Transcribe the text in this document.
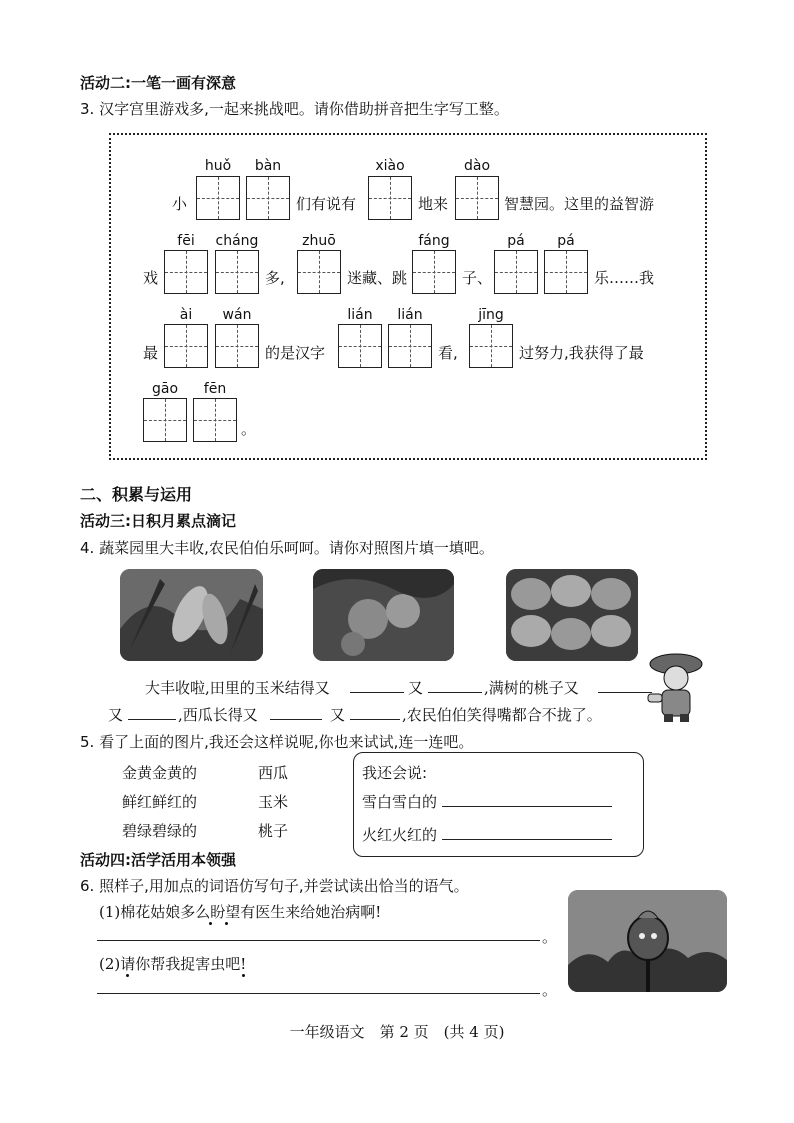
活动二:一笔一画有深意
3. 汉字宫里游戏多,一起来挑战吧。请你借助拼音把生字写工整。
小
huǒ	bàn
们有说有
xiào
地来
dào
智慧园。这里的益智游
戏
fēi	cháng
多,
zhuō
迷藏、跳
fáng
子、
pá	pá
乐……我
最
ài	wán
的是汉字
lián	lián
看,
jīng
过努力,我获得了最
gāo	fēn
。
二、积累与运用
活动三:日积月累点滴记
4. 蔬菜园里大丰收,农民伯伯乐呵呵。请你对照图片填一填吧。
大丰收啦,田里的玉米结得又	又	,满树的桃子又
又	,西瓜长得又	又	,农民伯伯笑得嘴都合不拢了。
5. 看了上面的图片,我还会这样说呢,你也来试试,连一连吧。
金黄金黄的
鲜红鲜红的
碧绿碧绿的
西瓜
玉米
桃子
我还会说:
雪白雪白的
火红火红的
活动四:活学活用本领强
6. 照样子,用加点的词语仿写句子,并尝试读出恰当的语气。
(1)棉花姑娘多么盼望有医生来给她治病啊!
。
(2)请你帮我捉害虫吧!
。
一年级语文　第 2 页　(共 4 页)
